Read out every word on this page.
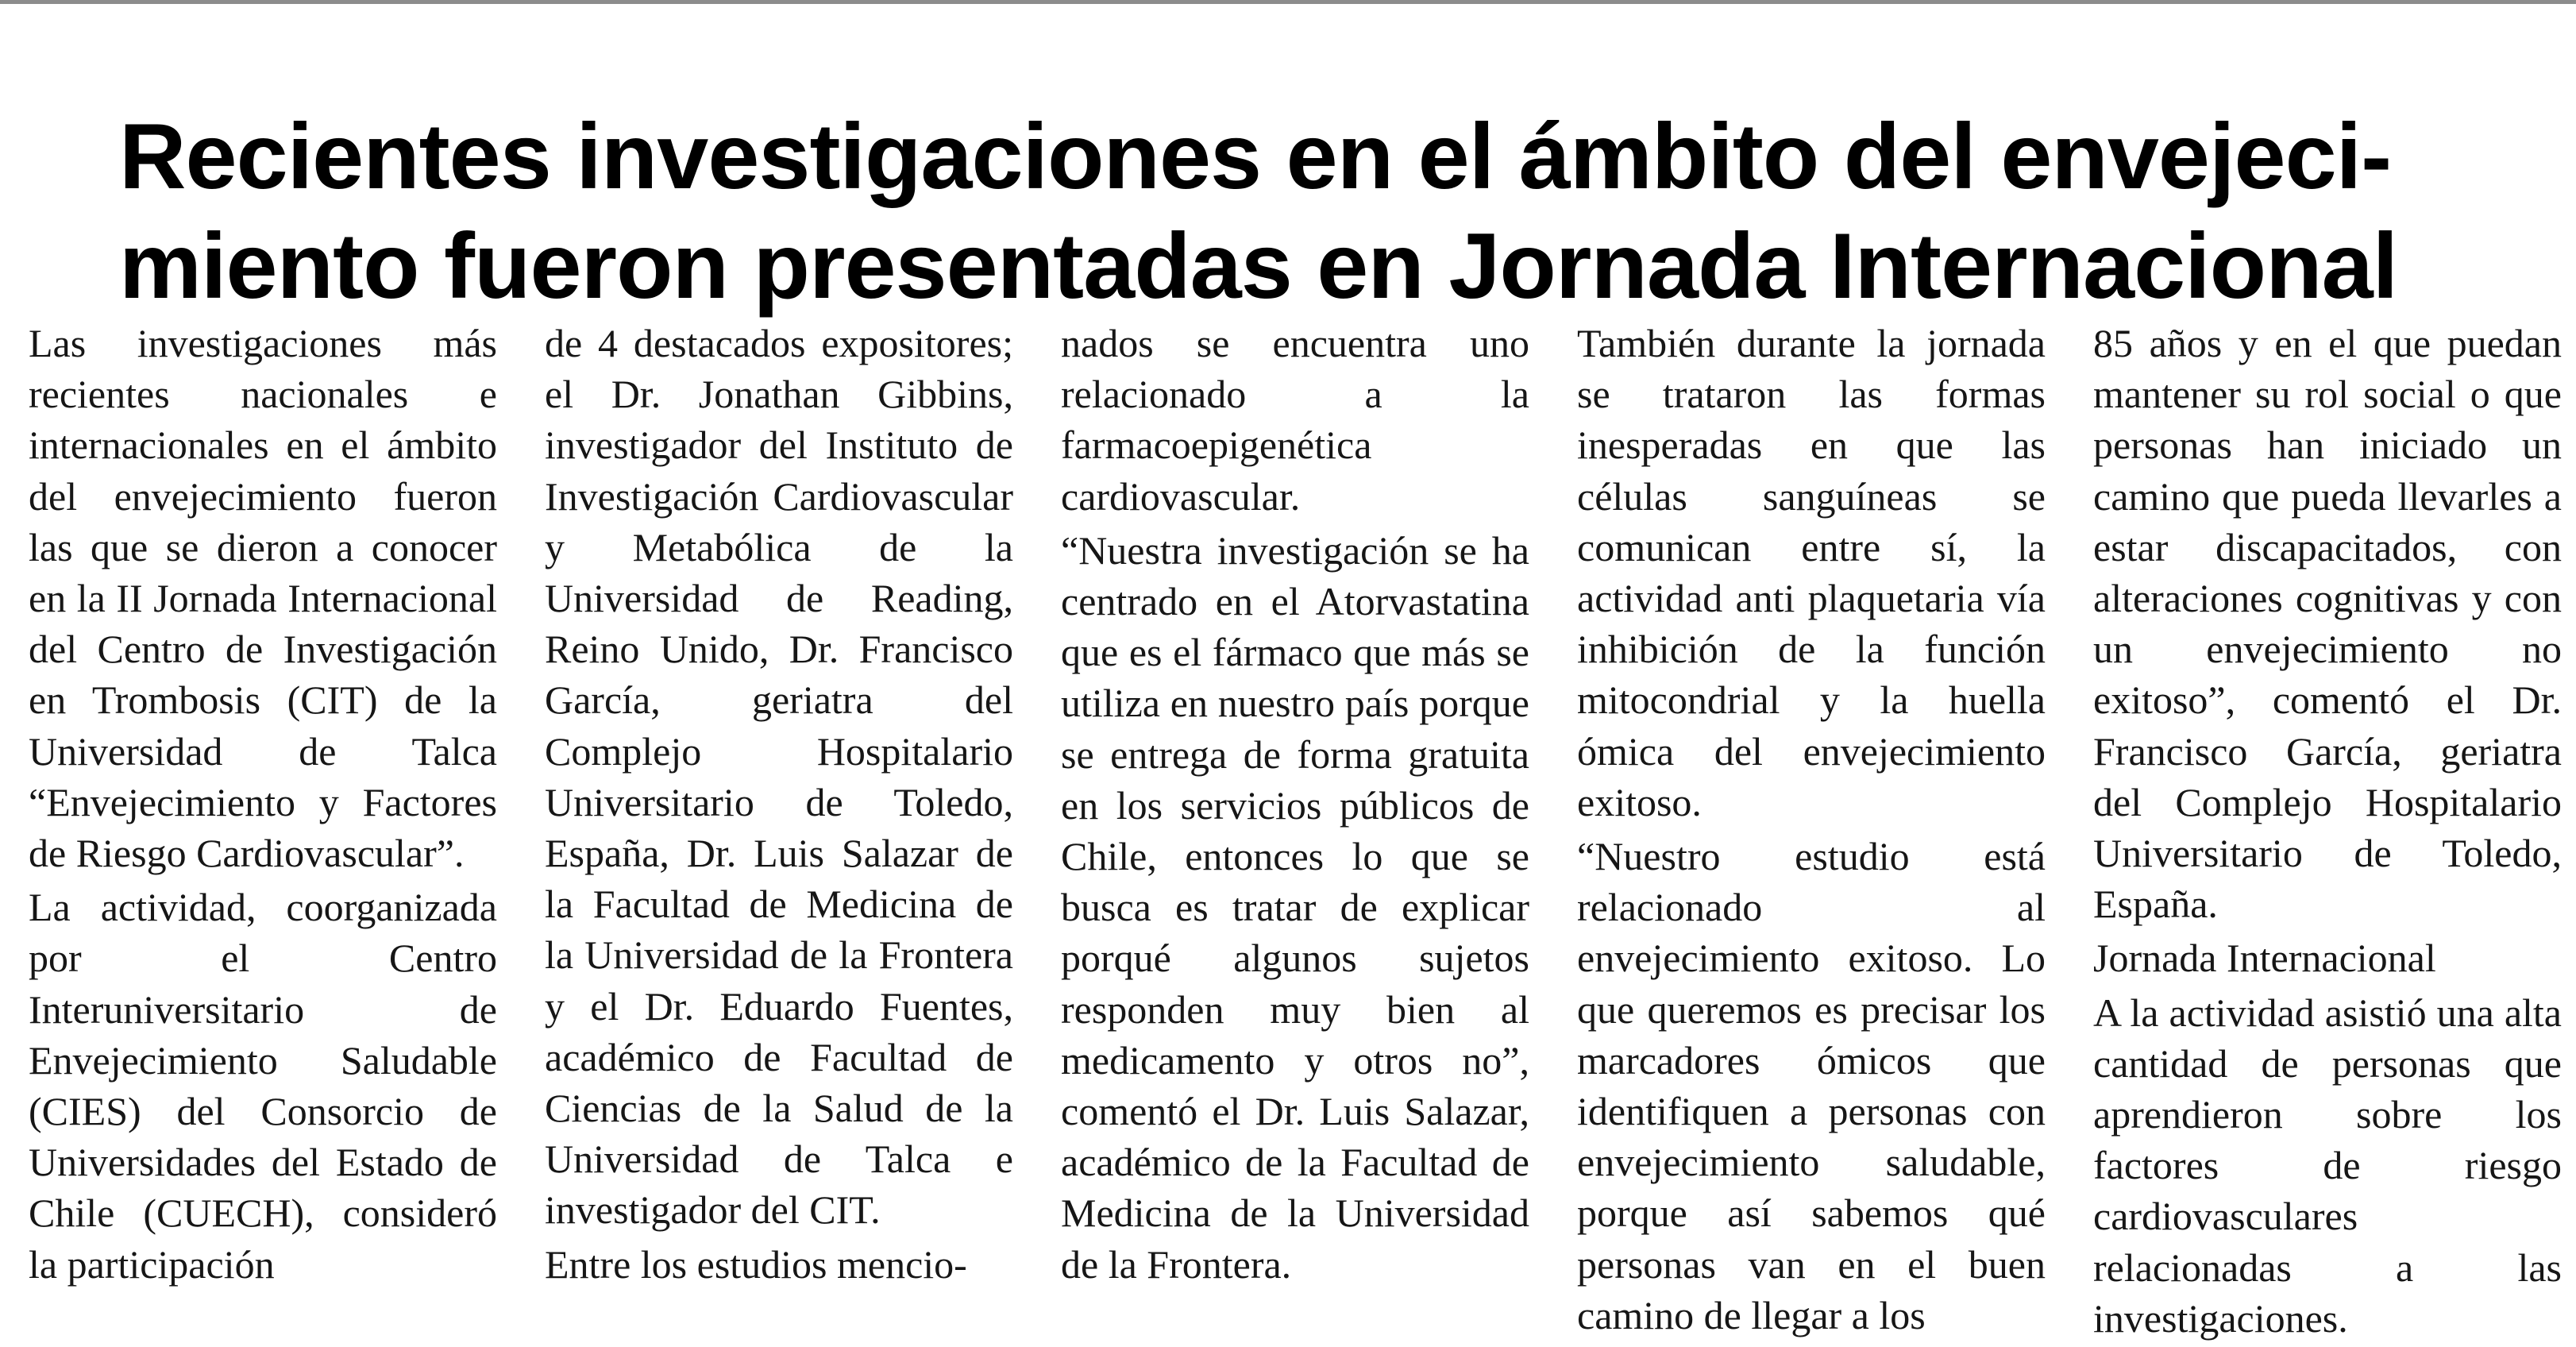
Recientes investigaciones en el ámbito del envejeci-
miento fueron presentadas en Jornada Internacional

Las investigaciones más recientes nacionales e internacionales en el ámbito del envejecimiento fueron las que se dieron a conocer en la II Jornada Internacional del Centro de Investigación en Trombosis (CIT) de la Universidad de Talca “Envejecimiento y Factores de Riesgo Cardiovascular”.

La actividad, coorganizada por el Centro Interuniversitario de Envejecimiento Saludable (CIES) del Consorcio de Universidades del Estado de Chile (CUECH), consideró la participación

de 4 destacados expositores; el Dr. Jonathan Gibbins, investigador del Instituto de Investigación Cardiovascular y Metabólica de la Universidad de Reading, Reino Unido, Dr. Francisco García, geriatra del Complejo Hospitalario Universitario de Toledo, España, Dr. Luis Salazar de la Facultad de Medicina de la Universidad de la Frontera y el Dr. Eduardo Fuentes, académico de Facultad de Ciencias de la Salud de la Universidad de Talca e investigador del CIT.

Entre los estudios mencio-

nados se encuentra uno relacionado a la farmacoepigenética cardiovascular.

“Nuestra investigación se ha centrado en el Atorvastatina que es el fármaco que más se utiliza en nuestro país porque se entrega de forma gratuita en los servicios públicos de Chile, entonces lo que se busca es tratar de explicar porqué algunos sujetos responden muy bien al medicamento y otros no”, comentó el Dr. Luis Salazar, académico de la Facultad de Medicina de la Universidad de la Frontera.

También durante la jornada se trataron las formas inesperadas en que las células sanguíneas se comunican entre sí, la actividad anti plaquetaria vía inhibición de la función mitocondrial y la huella ómica del envejecimiento exitoso.

“Nuestro estudio está relacionado al envejecimiento exitoso. Lo que queremos es precisar los marcadores ómicos que identifiquen a personas con envejecimiento saludable, porque así sabemos qué personas van en el buen camino de llegar a los

85 años y en el que puedan mantener su rol social o que personas han iniciado un camino que pueda llevarles a estar discapacitados, con alteraciones cognitivas y con un envejecimiento no exitoso”, comentó el Dr. Francisco García, geriatra del Complejo Hospitalario Universitario de Toledo, España.

Jornada Internacional

A la actividad asistió una alta cantidad de personas que aprendieron sobre los factores de riesgo cardiovasculares relacionadas a las investigaciones.
